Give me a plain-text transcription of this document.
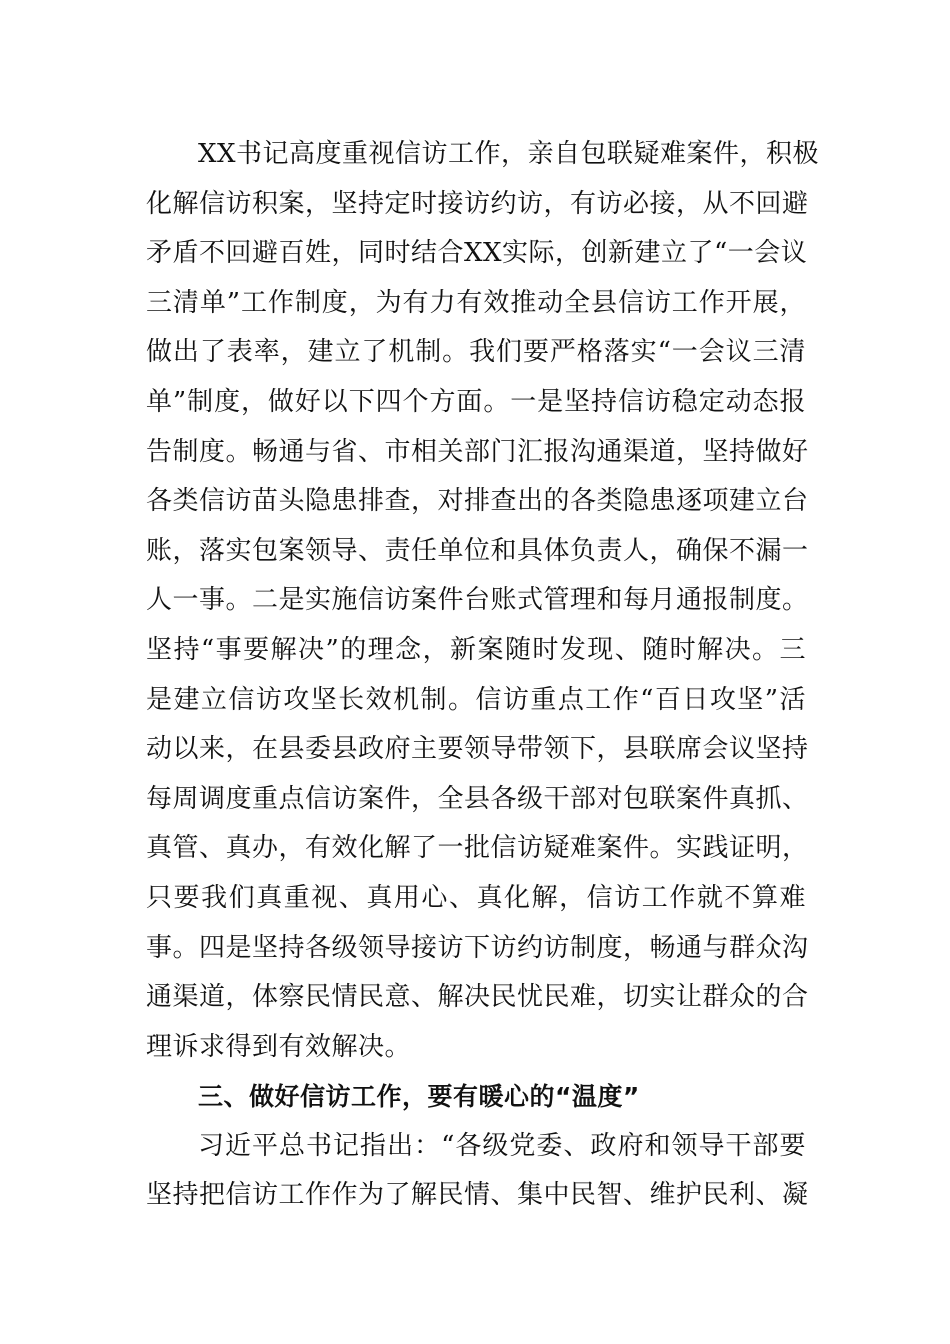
XX书记高度重视信访工作，亲自包联疑难案件，积极
化解信访积案，坚持定时接访约访，有访必接，从不回避
矛盾不回避百姓，同时结合XX实际，创新建立了“一会议
三清单”工作制度，为有力有效推动全县信访工作开展，
做出了表率，建立了机制。我们要严格落实“一会议三清
单”制度，做好以下四个方面。一是坚持信访稳定动态报
告制度。畅通与省、市相关部门汇报沟通渠道，坚持做好
各类信访苗头隐患排查，对排查出的各类隐患逐项建立台
账，落实包案领导、责任单位和具体负责人，确保不漏一
人一事。二是实施信访案件台账式管理和每月通报制度。
坚持“事要解决”的理念，新案随时发现、随时解决。三
是建立信访攻坚长效机制。信访重点工作“百日攻坚”活
动以来，在县委县政府主要领导带领下，县联席会议坚持
每周调度重点信访案件，全县各级干部对包联案件真抓、
真管、真办，有效化解了一批信访疑难案件。实践证明，
只要我们真重视、真用心、真化解，信访工作就不算难
事。四是坚持各级领导接访下访约访制度，畅通与群众沟
通渠道，体察民情民意、解决民忧民难，切实让群众的合
理诉求得到有效解决。
三、做好信访工作，要有暖心的“温度”
习近平总书记指出：“各级党委、政府和领导干部要
坚持把信访工作作为了解民情、集中民智、维护民利、凝
